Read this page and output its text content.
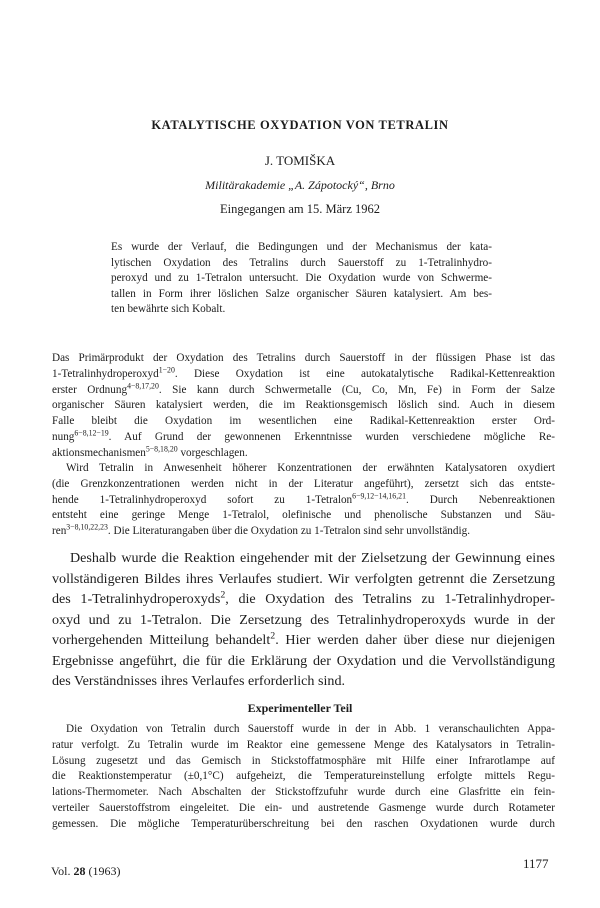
KATALYTISCHE OXYDATION VON TETRALIN

J. TOMIŠKA

Militärakademie „A. Zápotocký“, Brno

Eingegangen am 15. März 1962

Es wurde der Verlauf, die Bedingungen und der Mechanismus der kata-
lytischen Oxydation des Tetralins durch Sauerstoff zu 1-Tetralinhydro-
peroxyd und zu 1-Tetralon untersucht. Die Oxydation wurde von Schwerme-
tallen in Form ihrer löslichen Salze organischer Säuren katalysiert. Am bes-
ten bewährte sich Kobalt.
Das Primärprodukt der Oxydation des Tetralins durch Sauerstoff in der flüssigen Phase ist das
1-Tetralinhydroperoxyd$^{1-20}$. Diese Oxydation ist eine autokatalytische Radikal-Kettenreaktion
erster Ordnung$^{4-8,17,20}$. Sie kann durch Schwermetalle (Cu, Co, Mn, Fe) in Form der Salze
organischer Säuren katalysiert werden, die im Reaktionsgemisch löslich sind. Auch in diesem
Falle bleibt die Oxydation im wesentlichen eine Radikal-Kettenreaktion erster Ord-
nung$^{6-8,12-19}$. Auf Grund der gewonnenen Erkenntnisse wurden verschiedene mögliche Re-
aktionsmechanismen$^{5-8,18,20}$ vorgeschlagen.
Wird Tetralin in Anwesenheit höherer Konzentrationen der erwähnten Katalysatoren oxydiert
(die Grenzkonzentrationen werden nicht in der Literatur angeführt), zersetzt sich das entste-
hende 1-Tetralinhydroperoxyd sofort zu 1-Tetralon$^{6-9,12-14,16,21}$. Durch Nebenreaktionen
entsteht eine geringe Menge 1-Tetralol, olefinische und phenolische Substanzen und Säu-
ren$^{3-8,10,22,23}$. Die Literaturangaben über die Oxydation zu 1-Tetralon sind sehr unvollständig.
Deshalb wurde die Reaktion eingehender mit der Zielsetzung der Gewinnung eines
vollständigeren Bildes ihres Verlaufes studiert. Wir verfolgten getrennt die Zersetzung
des 1-Tetralinhydroperoxyds$^2$, die Oxydation des Tetralins zu 1-Tetralinhydroper-
oxyd und zu 1-Tetralon. Die Zersetzung des Tetralinhydroperoxyds wurde in der
vorhergehenden Mitteilung behandelt$^2$. Hier werden daher über diese nur diejenigen
Ergebnisse angeführt, die für die Erklärung der Oxydation und die Vervollständigung
des Verständnisses ihres Verlaufes erforderlich sind.
Experimenteller Teil
Die Oxydation von Tetralin durch Sauerstoff wurde in der in Abb. 1 veranschaulichten Appa-
ratur verfolgt. Zu Tetralin wurde im Reaktor eine gemessene Menge des Katalysators in Tetralin-
Lösung zugesetzt und das Gemisch in Stickstoffatmosphäre mit Hilfe einer Infrarotlampe auf
die Reaktionstemperatur (±0,1°C) aufgeheizt, die Temperatureinstellung erfolgte mittels Regu-
lations-Thermometer. Nach Abschalten der Stickstoffzufuhr wurde durch eine Glasfritte ein fein-
verteiler Sauerstoffstrom eingeleitet. Die ein- und austretende Gasmenge wurde durch Rotameter
gemessen. Die mögliche Temperaturüberschreitung bei den raschen Oxydationen wurde durch

Vol. 28 (1963)	1177
